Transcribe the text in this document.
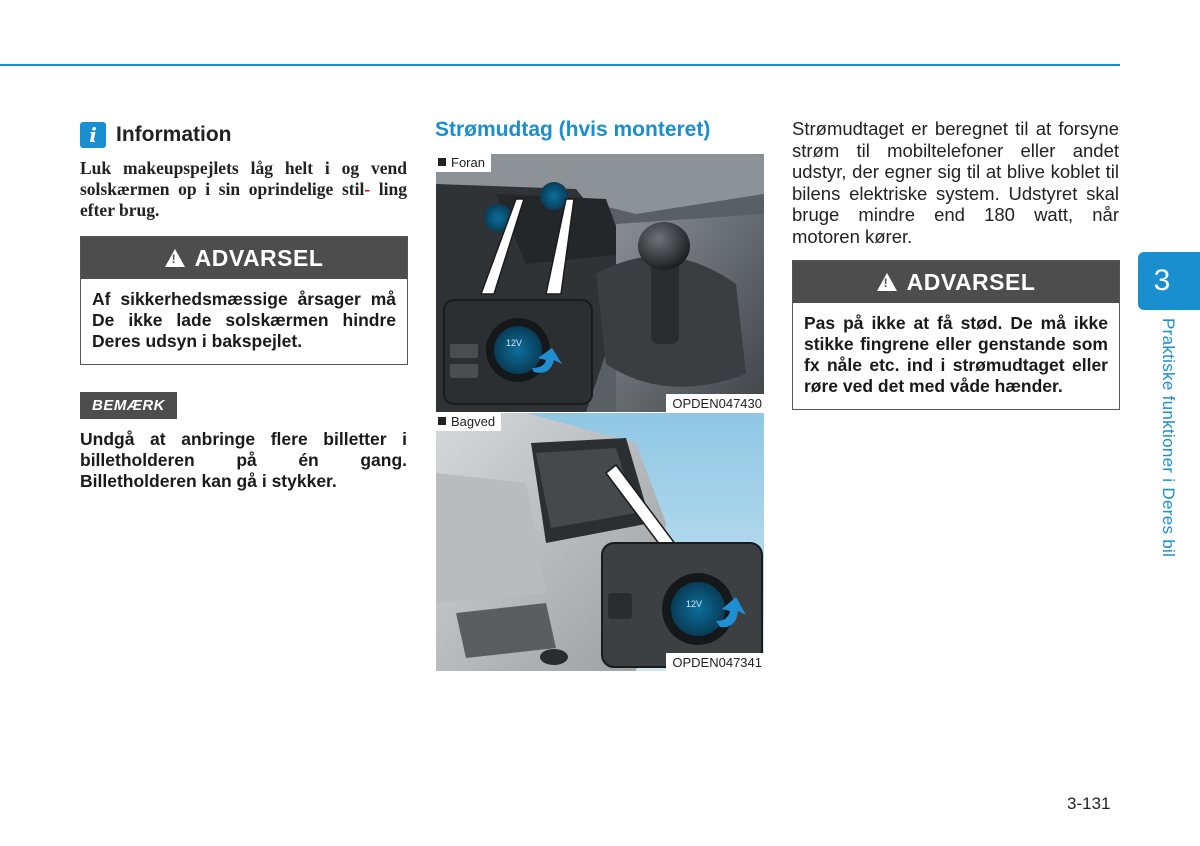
i Information
Luk makeupspejlets låg helt i og vend solskærmen op i sin oprindelige stil- ling efter brug.
! ADVARSEL
Af sikkerhedsmæssige årsager må De ikke lade solskærmen hindre Deres udsyn i bakspejlet.
BEMÆRK
Undgå at anbringe flere billetter i billetholderen på én gang. Billetholderen kan gå i stykker.
Strømudtag (hvis monteret)
12V
Foran
OPDEN047430
12V
Bagved
OPDEN047341
Strømudtaget er beregnet til at forsyne strøm til mobiltelefoner eller andet udstyr, der egner sig til at blive koblet til bilens elektriske system. Udstyret skal bruge mindre end 180 watt, når motoren kører.
! ADVARSEL
Pas på ikke at få stød. De må ikke stikke fingrene eller genstande som fx nåle etc. ind i strømudtaget eller røre ved det med våde hænder.
3
Praktiske funktioner i Deres bil
3-131
